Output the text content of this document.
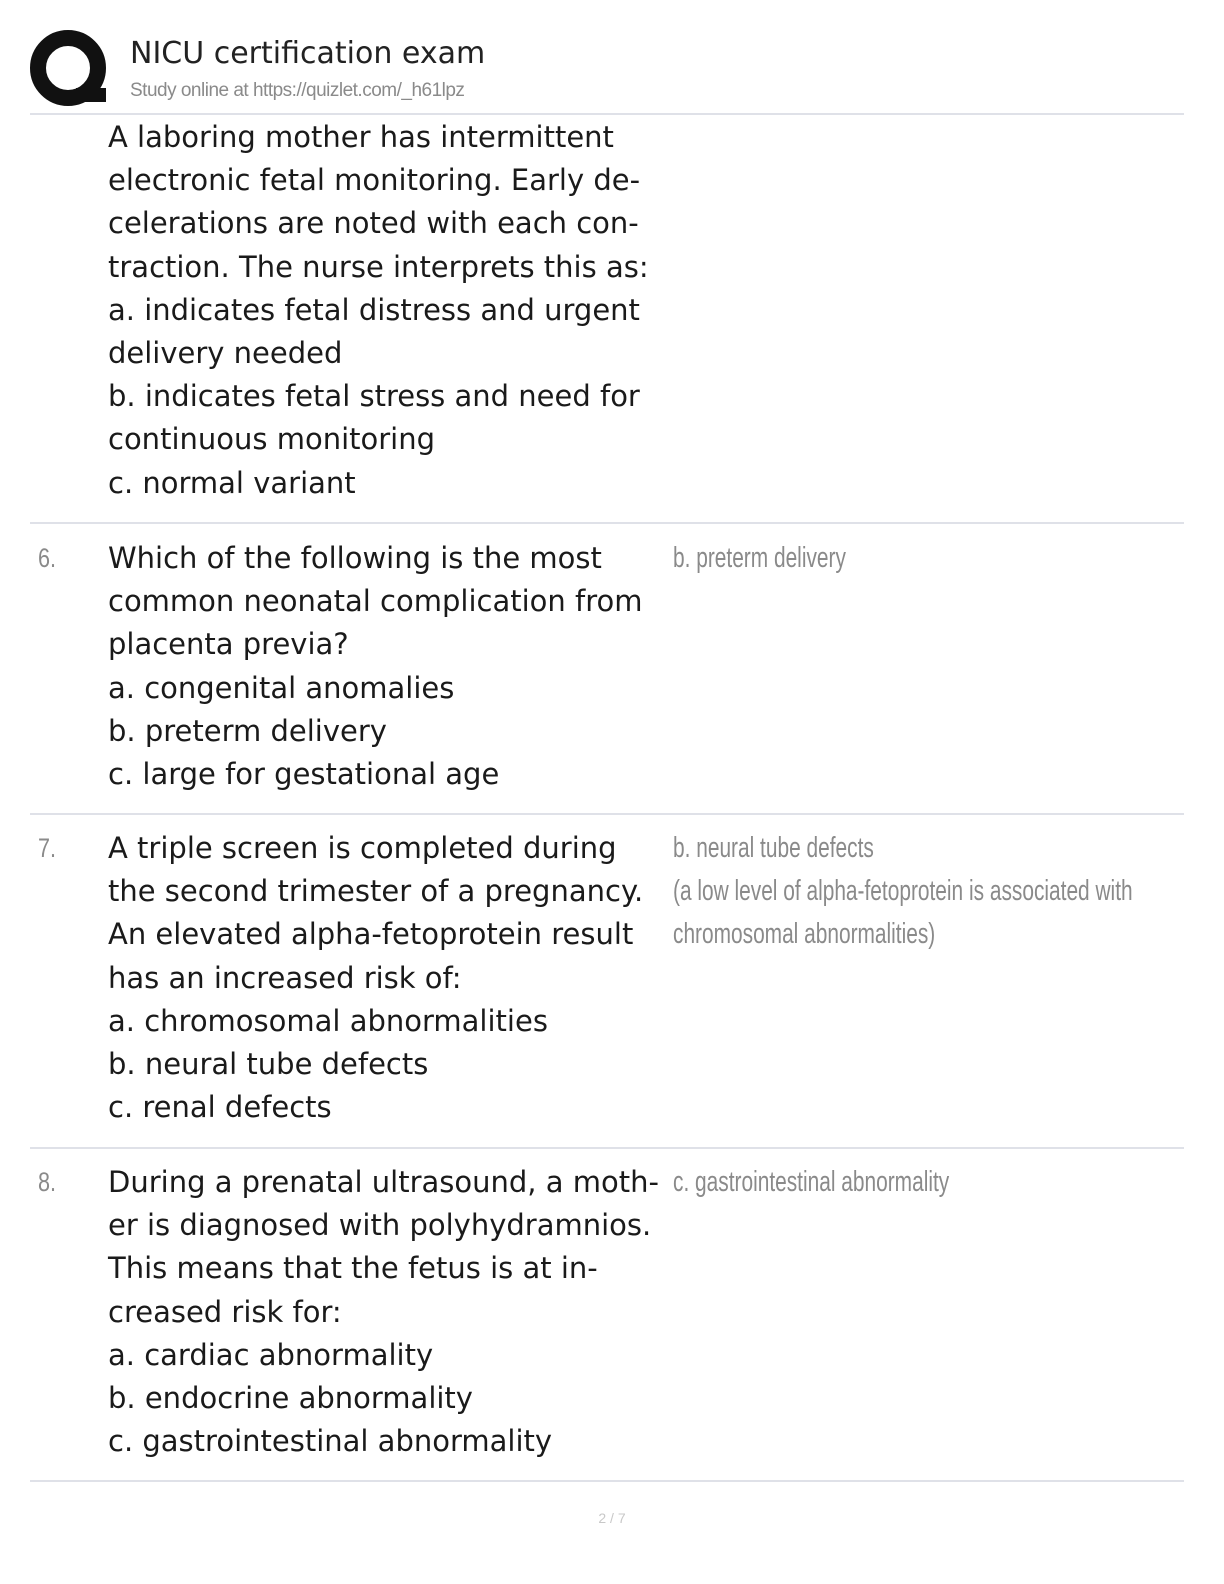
NICU certification exam
Study online at https://quizlet.com/_h61lpz
A laboring mother has intermittent
electronic fetal monitoring. Early de-
celerations are noted with each con-
traction. The nurse interprets this as:
a. indicates fetal distress and urgent
delivery needed
b. indicates fetal stress and need for
continuous monitoring
c. normal variant
6. Which of the following is the most
common neonatal complication from
placenta previa?
a. congenital anomalies
b. preterm delivery
c. large for gestational age
b. preterm delivery
7. A triple screen is completed during
the second trimester of a pregnancy.
An elevated alpha-fetoprotein result
has an increased risk of:
a. chromosomal abnormalities
b. neural tube defects
c. renal defects
b. neural tube defects
(a low level of alpha-fetoprotein is associated with
chromosomal abnormalities)
8. During a prenatal ultrasound, a moth-
er is diagnosed with polyhydramnios.
This means that the fetus is at in-
creased risk for:
a. cardiac abnormality
b. endocrine abnormality
c. gastrointestinal abnormality
c. gastrointestinal abnormality
2 / 7
